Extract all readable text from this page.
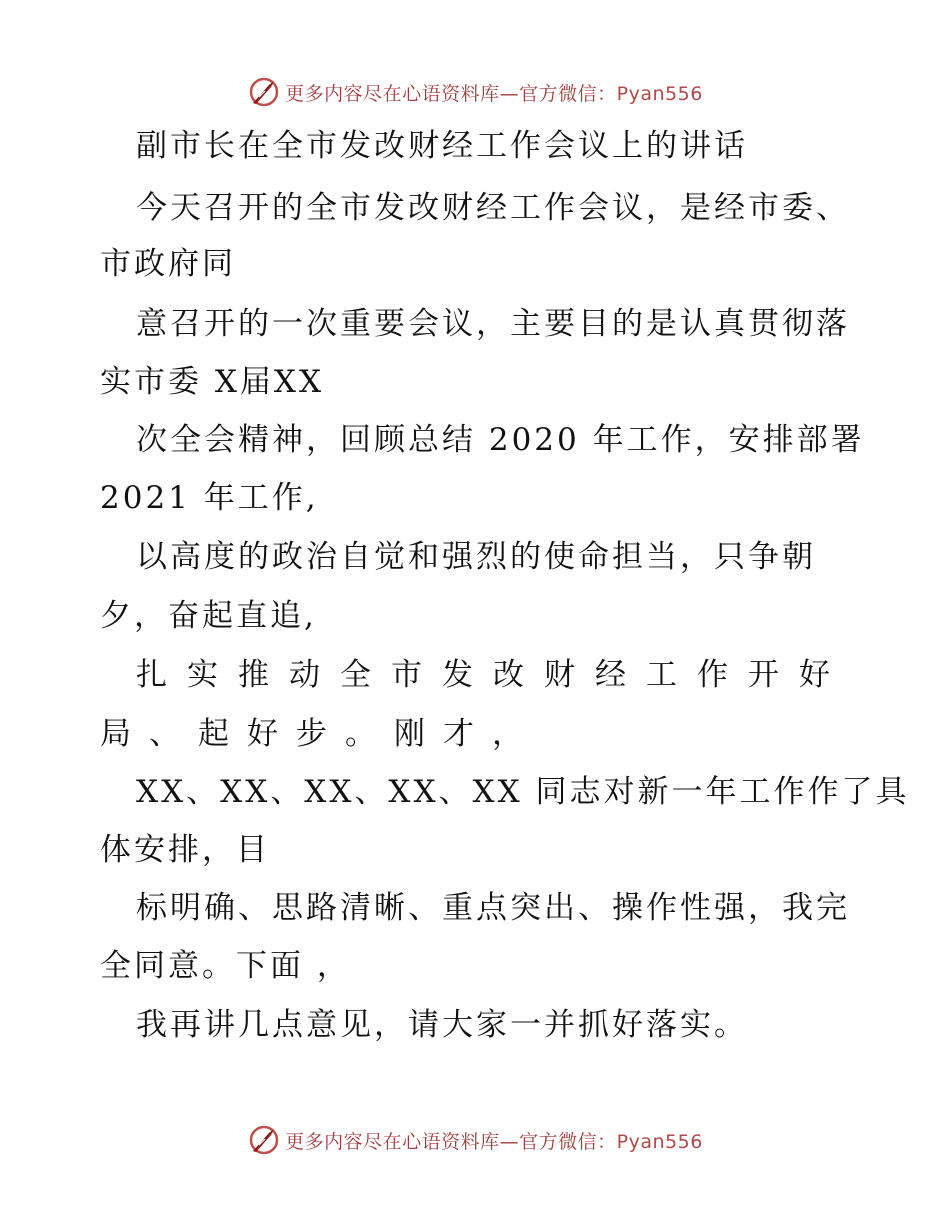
更多内容尽在心语资料库—官方微信：Pyan556
副市长在全市发改财经工作会议上的讲话
今天召开的全市发改财经工作会议，是经市委、
市政府同
意召开的一次重要会议，主要目的是认真贯彻落
实市委 X届XX
次全会精神，回顾总结 2020 年工作，安排部署
2021 年工作,
以高度的政治自觉和强烈的使命担当，只争朝
夕，奋起直追,
扎实推动全市发改财经工作开好
局、起好步。刚才，
XX、XX、XX、XX、XX 同志对新一年工作作了具
体安排，目
标明确、思路清晰、重点突出、操作性强，我完
全同意。下面 ，
我再讲几点意见，请大家一并抓好落实。
更多内容尽在心语资料库—官方微信：Pyan556
